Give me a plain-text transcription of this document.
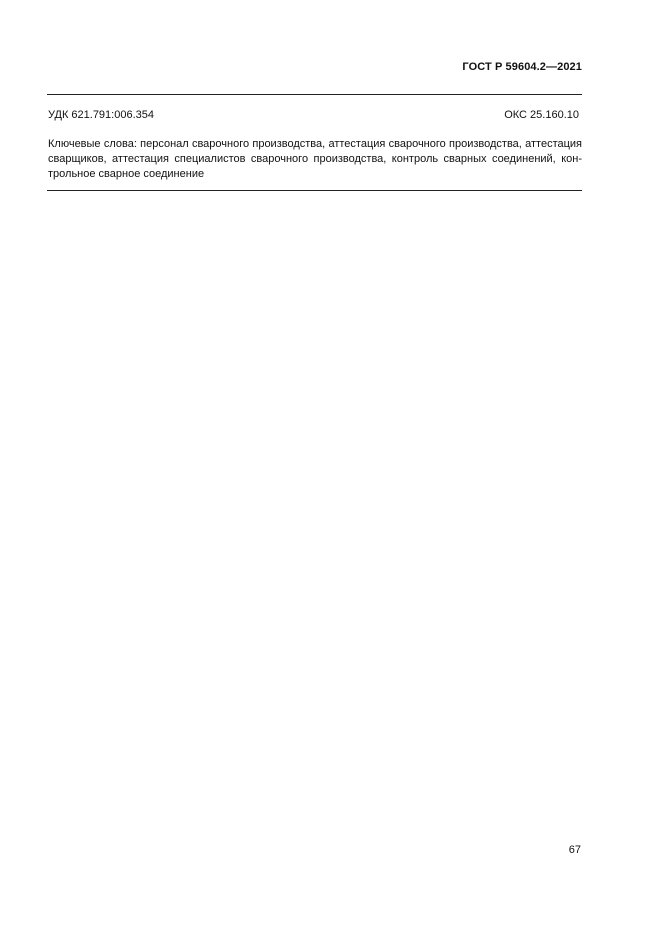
ГОСТ Р 59604.2—2021
УДК 621.791:006.354	ОКС 25.160.10

Ключевые слова: персонал сварочного производства, аттестация сварочного производства, аттестация сварщиков, аттестация специалистов сварочного производства, контроль сварных соединений, контрольное сварное соединение

67
